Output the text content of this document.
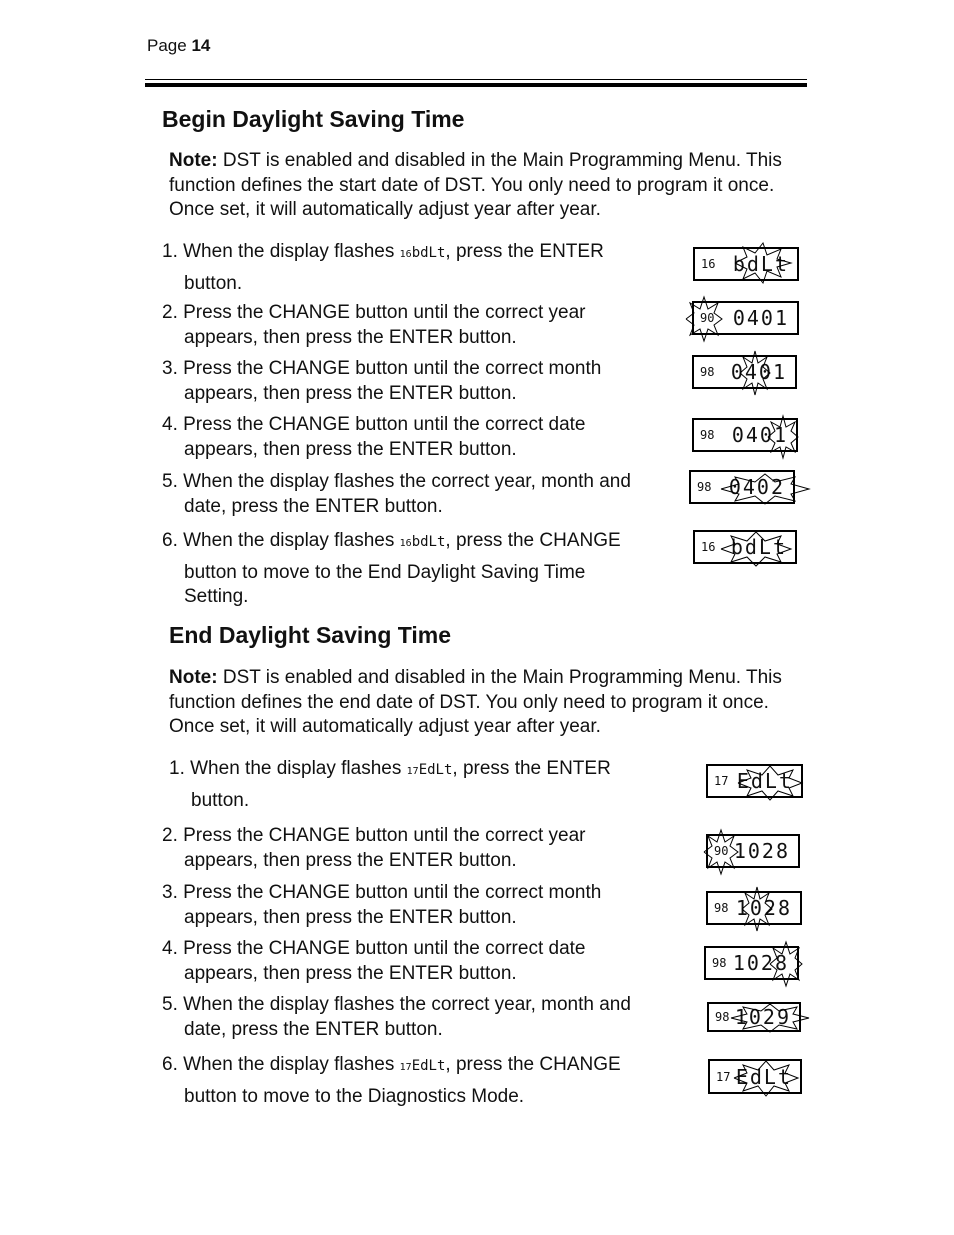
Page 14
Begin Daylight Saving Time
Note: DST is enabled and disabled in the Main Programming Menu. This function defines the start date of DST. You only need to program it once. Once set, it will automatically adjust year after year.
1. When the display flashes 16bdLt, press the ENTER
button.
2. Press the CHANGE button until the correct year
appears, then press the ENTER button.
3. Press the CHANGE button until the correct month
appears, then press the ENTER button.
4. Press the CHANGE button until the correct date
appears, then press the ENTER button.
5. When the display flashes the correct year, month and
date, press the ENTER button.
6. When the display flashes 16bdLt, press the CHANGE
button to move to the End Daylight Saving Time
Setting.
16 bdLt
90 0401
98 0401
98 0401
98 0402
16 bdLt
End Daylight Saving Time
Note: DST is enabled and disabled in the Main Programming Menu. This function defines the end date of DST. You only need to program it once. Once set, it will automatically adjust year after year.
1. When the display flashes 17EdLt, press the ENTER
button.
2. Press the CHANGE button until the correct year
appears, then press the ENTER button.
3. Press the CHANGE button until the correct month
appears, then press the ENTER button.
4. Press the CHANGE button until the correct date
appears, then press the ENTER button.
5. When the display flashes the correct year, month and
date, press the ENTER button.
6. When the display flashes 17EdLt, press the CHANGE
button to move to the Diagnostics Mode.
17 EdLt
90 1028
98 1028
98 1028
98 1029
17 EdLt
